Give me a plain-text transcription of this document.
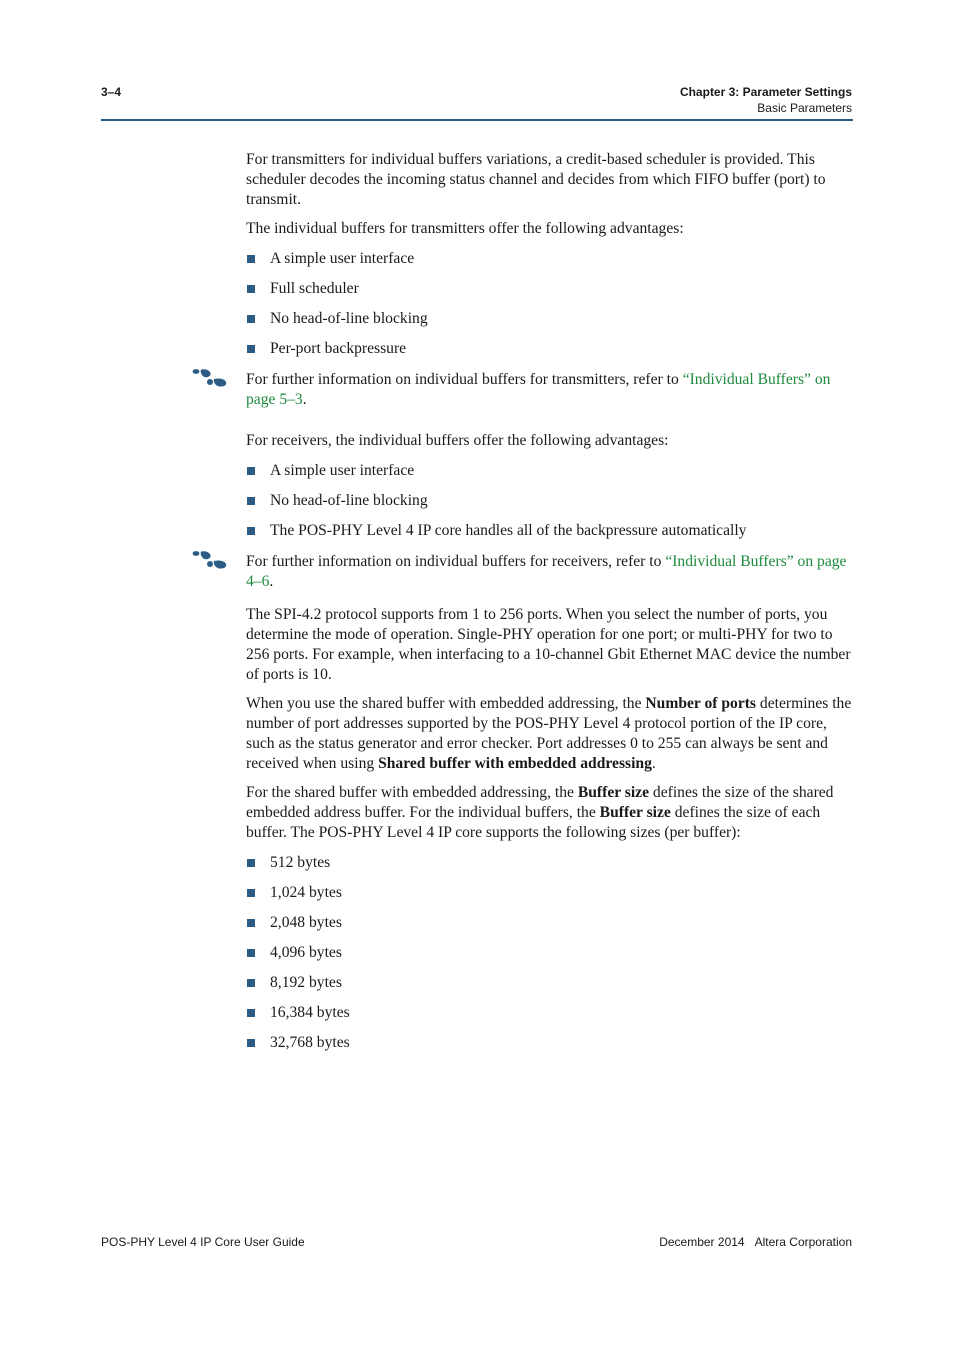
3–4	Chapter 3: Parameter Settings
Basic Parameters

For transmitters for individual buffers variations, a credit-based scheduler is provided. This scheduler decodes the incoming status channel and decides from which FIFO buffer (port) to transmit.

The individual buffers for transmitters offer the following advantages:

A simple user interface
Full scheduler
No head-of-line blocking
Per-port backpressure
For further information on individual buffers for transmitters, refer to “Individual Buffers” on page 5–3.

For receivers, the individual buffers offer the following advantages:

A simple user interface
No head-of-line blocking
The POS-PHY Level 4 IP core handles all of the backpressure automatically
For further information on individual buffers for receivers, refer to “Individual Buffers” on page 4–6.

The SPI-4.2 protocol supports from 1 to 256 ports. When you select the number of ports, you determine the mode of operation. Single-PHY operation for one port; or multi-PHY for two to 256 ports. For example, when interfacing to a 10-channel Gbit Ethernet MAC device the number of ports is 10.

When you use the shared buffer with embedded addressing, the Number of ports determines the number of port addresses supported by the POS-PHY Level 4 protocol portion of the IP core, such as the status generator and error checker. Port addresses 0 to 255 can always be sent and received when using Shared buffer with embedded addressing.

For the shared buffer with embedded addressing, the Buffer size defines the size of the shared embedded address buffer. For the individual buffers, the Buffer size defines the size of each buffer. The POS-PHY Level 4 IP core supports the following sizes (per buffer):

512 bytes
1,024 bytes
2,048 bytes
4,096 bytes
8,192 bytes
16,384 bytes
32,768 bytes
POS-PHY Level 4 IP Core User Guide	December 2014 Altera Corporation
